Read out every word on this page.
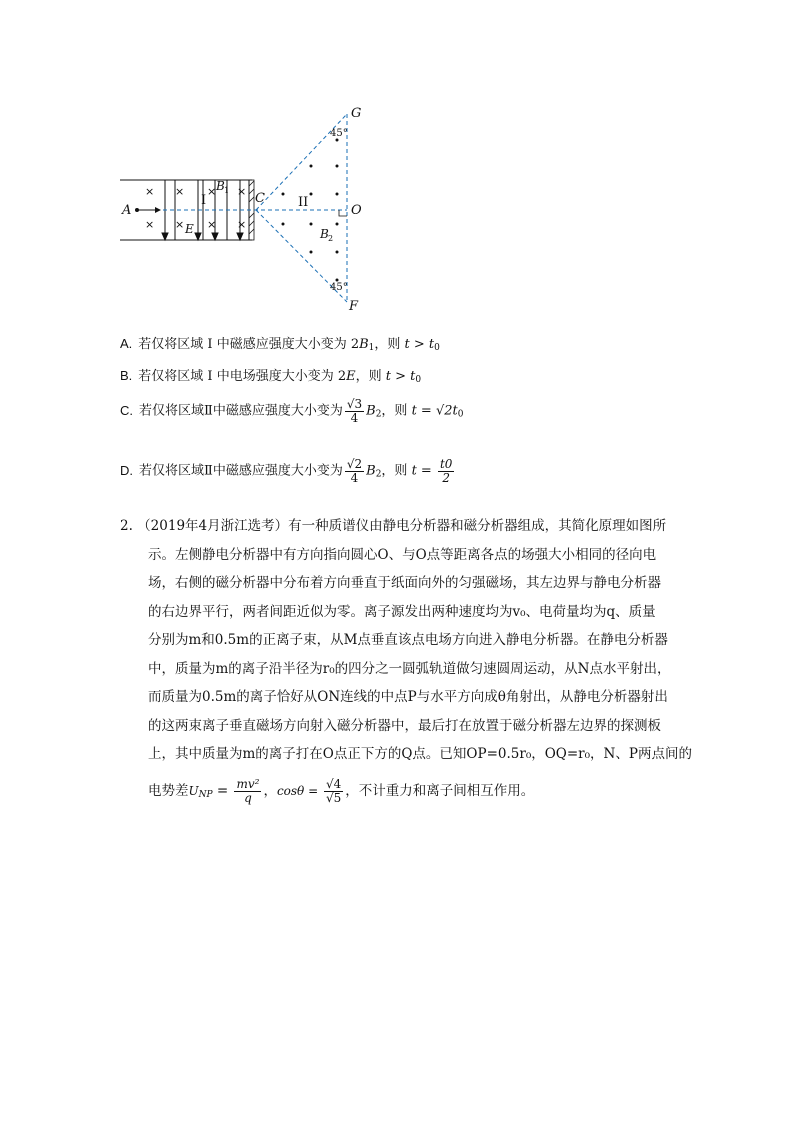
× × × ×
× × × ×
A
C
E
O
G
F
I	II
B 1
B 2
45°
45°
A. 若仅将区域 I 中磁感应强度大小变为 $2B_1$，则 $t > t_0$
B. 若仅将区域 I 中电场强度大小变为 2E，则 $t > t_0$
C. 若仅将区域Ⅱ中磁感应强度大小变为 $\frac{√3}{4} B_2$，则 $t = √2t_0$
D. 若仅将区域Ⅱ中磁感应强度大小变为 $\frac{√2}{4} B_2$，则 $t = \frac{t0}{2}$
2. （2019年4月浙江选考）有一种质谱仪由静电分析器和磁分析器组成，其简化原理如图所
示。左侧静电分析器中有方向指向圆心O、与O点等距离各点的场强大小相同的径向电
场，右侧的磁分析器中分布着方向垂直于纸面向外的匀强磁场，其左边界与静电分析器
的右边界平行，两者间距近似为零。离子源发出两种速度均为v₀、电荷量均为q、质量
分别为m和0.5m的正离子束，从M点垂直该点电场方向进入静电分析器。在静电分析器
中，质量为m的离子沿半径为r₀的四分之一圆弧轨道做匀速圆周运动，从N点水平射出，
而质量为0.5m的离子恰好从ON连线的中点P与水平方向成θ角射出，从静电分析器射出
的这两束离子垂直磁场方向射入磁分析器中，最后打在放置于磁分析器左边界的探测板
上，其中质量为m的离子打在O点正下方的Q点。已知OP=0.5r₀，OQ=r₀，N、P两点间的
电势差$U_{NP} = \frac{\text{mv²}}{q}$ ，$\cos\theta = \frac{√4}{√5}$ ，不计重力和离子间相互作用。
